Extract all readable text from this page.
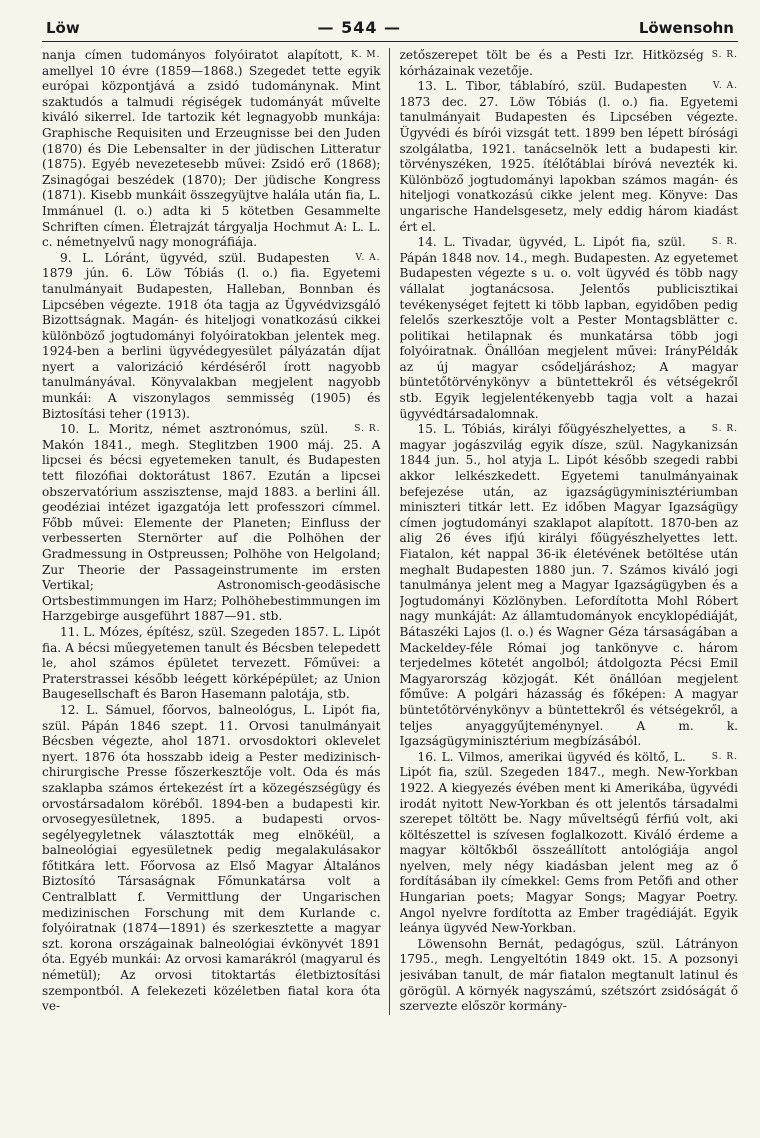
Löw	— 544 —	Löwensohn

K. M.
nanja címen tudományos folyóiratot alapított, amellyel 10 évre (1859—1868.) Szegedet tette egyik európai központjává a zsidó tudománynak. Mint szaktudós a talmudi régiségek tudományát művelte kiváló sikerrel. Ide tartozik két legnagyobb munkája: Graphische Requisiten und Erzeugnisse bei den Juden (1870) és Die Lebensalter in der jüdischen Litteratur (1875). Egyéb nevezetesebb művei: Zsidó erő (1868); Zsinagógai beszédek (1870); Der jüdische Kongress (1871). Kisebb munkáit összegyüjtve halála után fia, L. Immánuel (l. o.) adta ki 5 kötetben Gesammelte Schriften címen. Életrajzát tárgyalja Hochmut A: L. L. c. németnyelvű nagy monográfiája.

V. A.
9. L. Lóránt, ügyvéd, szül. Budapesten 1879 jún. 6. Löw Tóbiás (l. o.) fia. Egyetemi tanulmányait Budapesten, Halleban, Bonnban és Lipcsében végezte. 1918 óta tagja az Ügyvédvizsgáló Bizottságnak. Magán- és hiteljogi vonatkozású cikkei különböző jogtudományi folyóiratokban jelentek meg. 1924-ben a berlini ügyvédegyesület pályázatán díjat nyert a valorizáció kérdéséről írott nagyobb tanulmányával. Könyvalakban megjelent nagyobb munkái: A viszonylagos semmisség (1905) és Biztosítási teher (1913).

S. R.
10. L. Moritz, német asztronómus, szül. Makón 1841., megh. Steglitzben 1900 máj. 25. A lipcsei és bécsi egyetemeken tanult, és Budapesten tett filozófiai doktorátust 1867. Ezután a lipcsei obszervatórium asszisztense, majd 1883. a berlini áll. geodéziai intézet igazgatója lett professzori címmel. Főbb művei: Elemente der Planeten; Einfluss der verbesserten Sternörter auf die Polhöhen der Gradmessung in Ostpreussen; Polhöhe von Helgoland; Zur Theorie der Passageinstrumente im ersten Vertikal; Astronomisch-geodäsische Ortsbestimmungen im Harz; Polhöhebestimmungen im Harzgebirge ausgeführt 1887—91. stb.

11. L. Mózes, építész, szül. Szegeden 1857. L. Lipót fia. A bécsi műegyetemen tanult és Bécsben telepedett le, ahol számos épületet tervezett. Főművei: a Praterstrassei később leégett körképépület; az Union Baugesellschaft és Baron Hasemann palotája, stb.

12. L. Sámuel, főorvos, balneológus, L. Lipót fia, szül. Pápán 1846 szept. 11. Orvosi tanulmányait Bécsben végezte, ahol 1871. orvosdoktori oklevelet nyert. 1876 óta hosszabb ideig a Pester medizinisch-chirurgische Presse főszerkesztője volt. Oda és más szaklapba számos értekezést írt a közegészségügy és orvostársadalom köréből. 1894-ben a budapesti kir. orvosegyesületnek, 1895. a budapesti orvos-segélyegyletnek választották meg elnökéül, a balneológiai egyesületnek pedig megalakulásakor főtitkára lett. Főorvosa az Első Magyar Általános Biztosító Társaságnak Főmunkatársa volt a Centralblatt f. Vermittlung der Ungarischen medizinischen Forschung mit dem Kurlande c. folyóiratnak (1874—1891) és szerkesztette a magyar szt. korona országainak balneológiai évkönyvét 1891 óta. Egyéb munkái: Az orvosi kamarákról (magyarul és németül); Az orvosi titoktartás életbiztosítási szempontból. A felekezeti közéletben fiatal kora óta ve-

S. R.
zetőszerepet tölt be és a Pesti Izr. Hitközség kórházainak vezetője.

V. A.
13. L. Tibor, táblabíró, szül. Budapesten 1873 dec. 27. Löw Tóbiás (l. o.) fia. Egyetemi tanulmányait Budapesten és Lipcsében végezte. Ügyvédi és bírói vizsgát tett. 1899 ben lépett bírósági szolgálatba, 1921. tanácselnök lett a budapesti kir. törvényszéken, 1925. ítélőtáblai bíróvá nevezték ki. Különböző jogtudományi lapokban számos magán- és hiteljogi vonatkozású cikke jelent meg. Könyve: Das ungarische Handelsgesetz, mely eddig három kiadást ért el.

S. R.
14. L. Tivadar, ügyvéd, L. Lipót fia, szül. Pápán 1848 nov. 14., megh. Budapesten. Az egyetemet Budapesten végezte s u. o. volt ügyvéd és több nagy vállalat jogtanácsosa. Jelentős publicisztikai tevékenységet fejtett ki több lapban, egyidőben pedig felelős szerkesztője volt a Pester Montagsblätter c. politikai hetilapnak és munkatársa több jogi folyóiratnak. Önállóan megjelent művei: IrányPéldák az új magyar csődeljáráshoz; A magyar büntetőtörvénykönyv a büntettekről és vétségekről stb. Egyik legjelentékenyebb tagja volt a hazai ügyvédtársadalomnak.

S. R.
15. L. Tóbiás, királyi főügyészhelyettes, a magyar jogászvilág egyik dísze, szül. Nagykanizsán 1844 jun. 5., hol atyja L. Lipót később szegedi rabbi akkor lelkészkedett. Egyetemi tanulmányainak befejezése után, az igazságügyminisztériumban miniszteri titkár lett. Ez időben Magyar Igazságügy címen jogtudományi szaklapot alapított. 1870-ben az alig 26 éves ifjú királyi főügyészhelyettes lett. Fiatalon, két nappal 36-ik életévének betöltése után meghalt Budapesten 1880 jun. 7. Számos kiváló jogi tanulmánya jelent meg a Magyar Igazságügyben és a Jogtudományi Közlönyben. Lefordította Mohl Róbert nagy munkáját: Az államtudományok encyklopédiáját, Bátaszéki Lajos (l. o.) és Wagner Géza társaságában a Mackeldey-féle Római jog tankönyve c. három terjedelmes kötetét angolból; átdolgozta Pécsi Emil Magyarország közjogát. Két önállóan megjelent főműve: A polgári házasság és főképen: A magyar büntetőtörvénykönyv a büntettekről és vétségekről, a teljes anyaggyűjteménynyel. A m. k. Igazságügyminisztérium megbízásából.

S. R.
16. L. Vilmos, amerikai ügyvéd és költő, L. Lipót fia, szül. Szegeden 1847., megh. New-Yorkban 1922. A kiegyezés évében ment ki Amerikába, ügyvédi irodát nyitott New-Yorkban és ott jelentős társadalmi szerepet töltött be. Nagy műveltségű férfiú volt, aki költészettel is szívesen foglalkozott. Kiváló érdeme a magyar költőkből összeállított antológiája angol nyelven, mely négy kiadásban jelent meg az ő fordításában ily címekkel: Gems from Petőfi and other Hungarian poets; Magyar Songs; Magyar Poetry. Angol nyelvre fordította az Ember tragédiáját. Egyik leánya ügyvéd New-Yorkban.

Löwensohn Bernát, pedagógus, szül. Látrányon 1795., megh. Lengyeltótin 1849 okt. 15. A pozsonyi jesivában tanult, de már fiatalon megtanult latinul és görögül. A környék nagyszámú, szétszórt zsidóságát ő szervezte először kormány-
